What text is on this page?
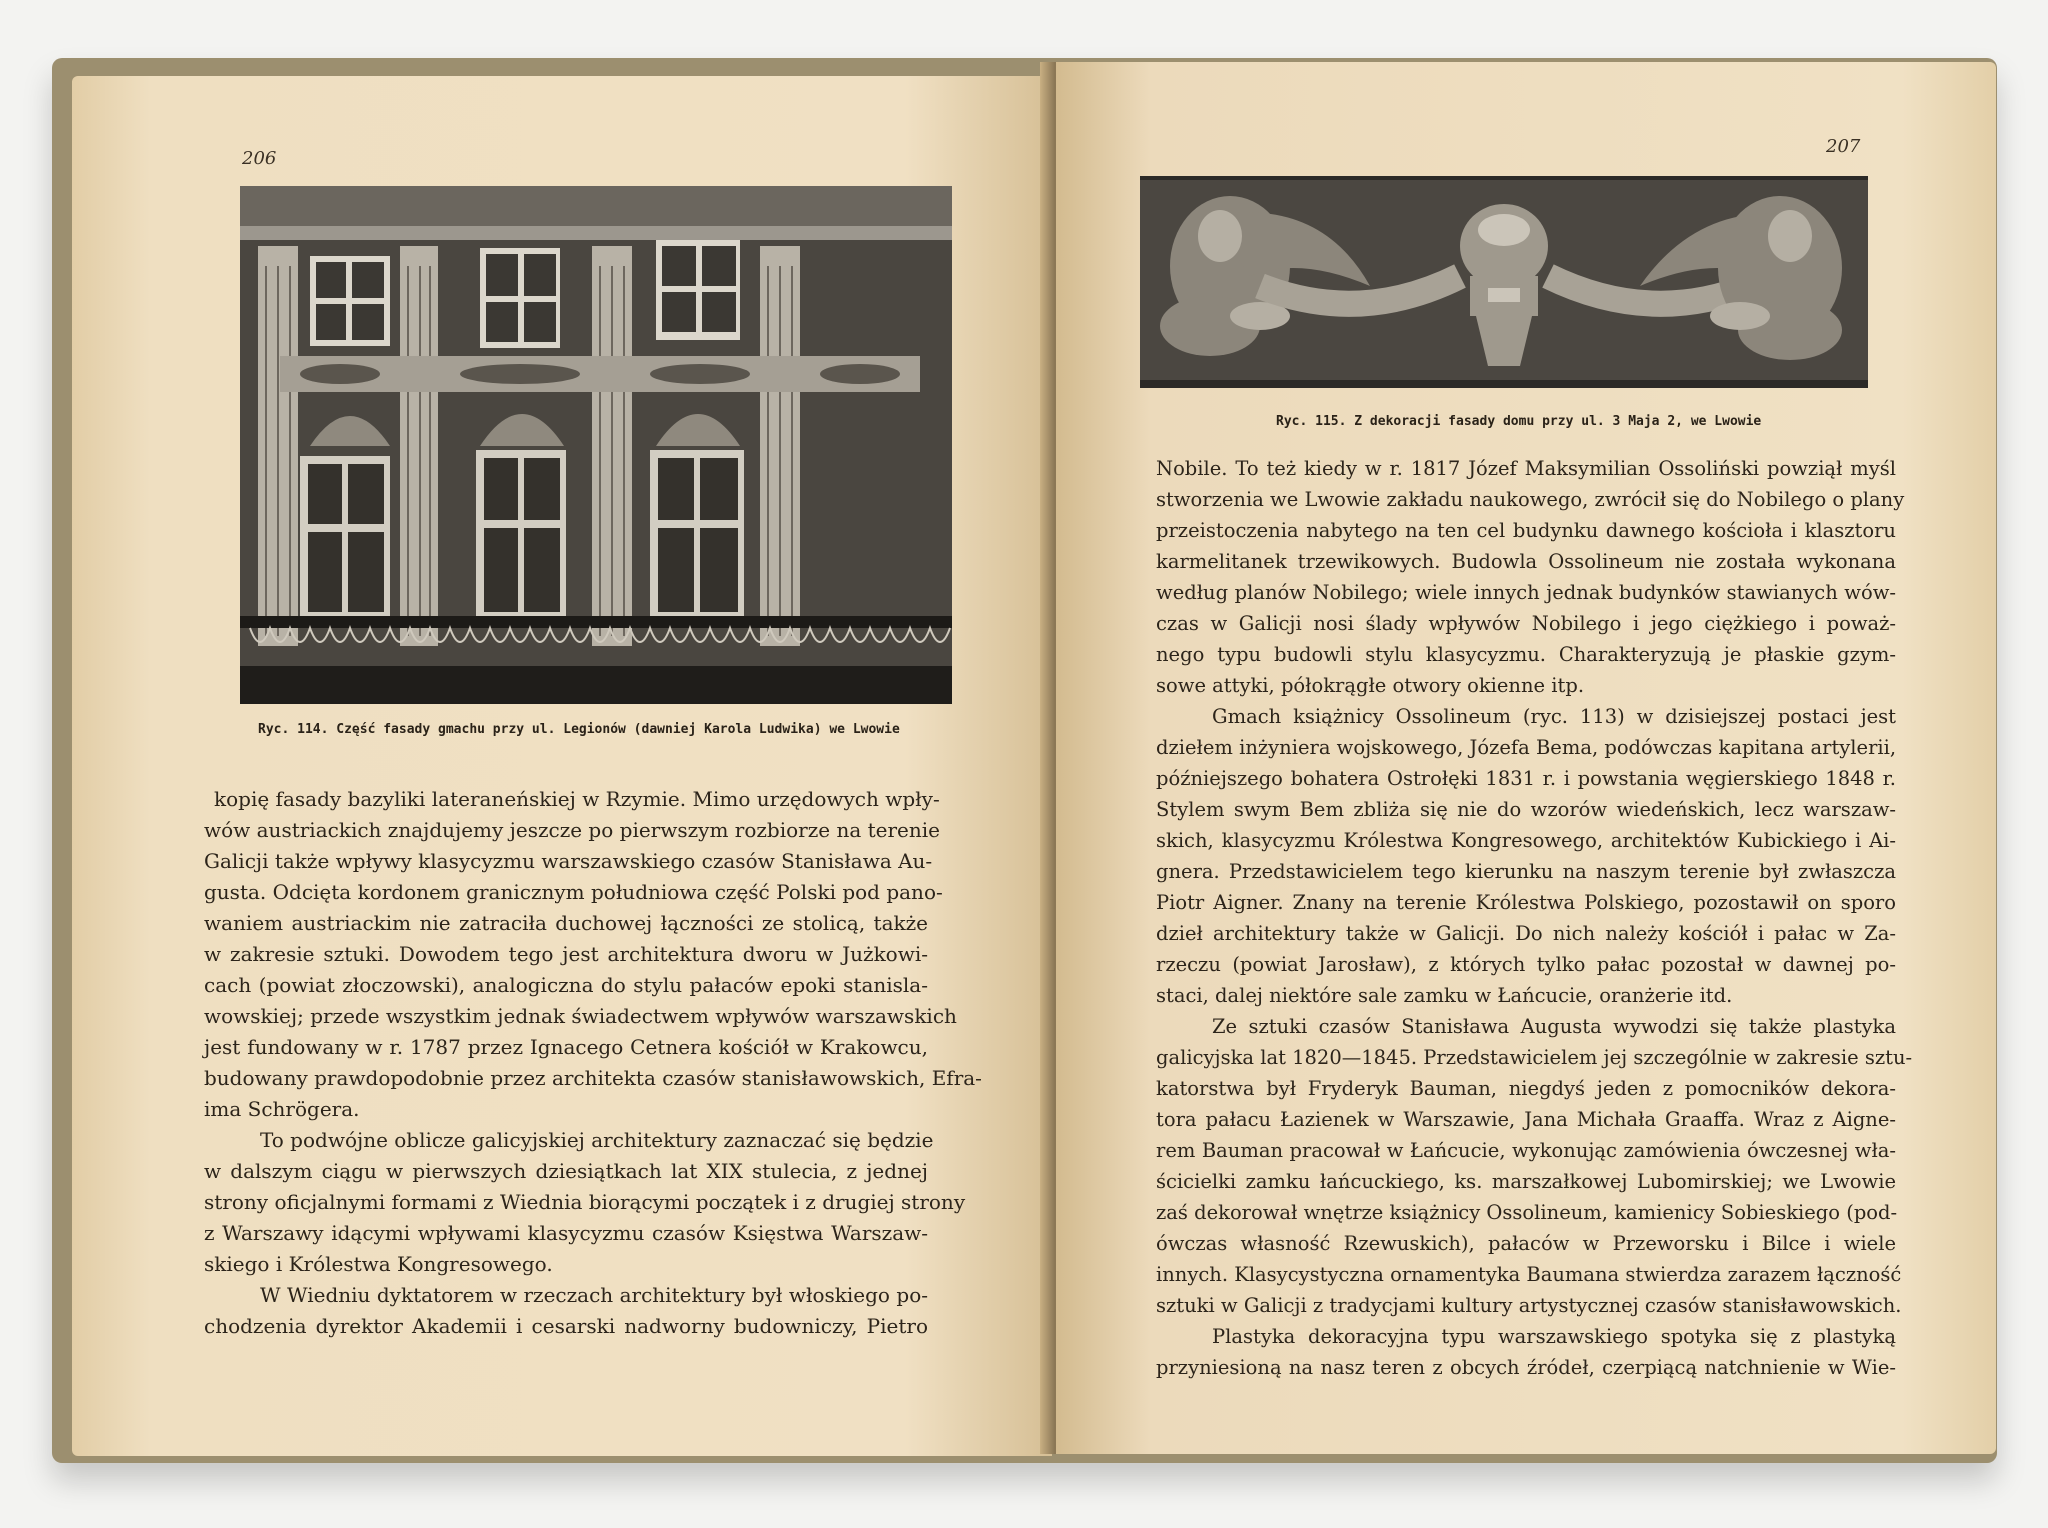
206
Ryc. 114. Część fasady gmachu przy ul. Legionów (dawniej Karola Ludwika) we Lwowie
kopię fasady bazyliki lateraneńskiej w Rzymie. Mimo urzędowych wpły-
wów austriackich znajdujemy jeszcze po pierwszym rozbiorze na terenie
Galicji także wpływy klasycyzmu warszawskiego czasów Stanisława Au-
gusta. Odcięta kordonem granicznym południowa część Polski pod pano-
waniem austriackim nie zatraciła duchowej łączności ze stolicą, także
w zakresie sztuki. Dowodem tego jest architektura dworu w Jużkowi-
cach (powiat złoczowski), analogiczna do stylu pałaców epoki stanisla-
wowskiej; przede wszystkim jednak świadectwem wpływów warszawskich
jest fundowany w r. 1787 przez Ignacego Cetnera kościół w Krakowcu,
budowany prawdopodobnie przez architekta czasów stanisławowskich, Efra-
ima Schrögera.
To podwójne oblicze galicyjskiej architektury zaznaczać się będzie
w dalszym ciągu w pierwszych dziesiątkach lat XIX stulecia, z jednej
strony oficjalnymi formami z Wiednia biorącymi początek i z drugiej strony
z Warszawy idącymi wpływami klasycyzmu czasów Księstwa Warszaw-
skiego i Królestwa Kongresowego.
W Wiedniu dyktatorem w rzeczach architektury był włoskiego po-
chodzenia dyrektor Akademii i cesarski nadworny budowniczy, Pietro
207
Ryc. 115. Z dekoracji fasady domu przy ul. 3 Maja 2, we Lwowie
Nobile. To też kiedy w r. 1817 Józef Maksymilian Ossoliński powziął myśl
stworzenia we Lwowie zakładu naukowego, zwrócił się do Nobilego o plany
przeistoczenia nabytego na ten cel budynku dawnego kościoła i klasztoru
karmelitanek trzewikowych. Budowla Ossolineum nie została wykonana
według planów Nobilego; wiele innych jednak budynków stawianych wów-
czas w Galicji nosi ślady wpływów Nobilego i jego ciężkiego i poważ-
nego typu budowli stylu klasycyzmu. Charakteryzują je płaskie gzym-
sowe attyki, półokrągłe otwory okienne itp.
Gmach książnicy Ossolineum (ryc. 113) w dzisiejszej postaci jest
dziełem inżyniera wojskowego, Józefa Bema, podówczas kapitana artylerii,
późniejszego bohatera Ostrołęki 1831 r. i powstania węgierskiego 1848 r.
Stylem swym Bem zbliża się nie do wzorów wiedeńskich, lecz warszaw-
skich, klasycyzmu Królestwa Kongresowego, architektów Kubickiego i Ai-
gnera. Przedstawicielem tego kierunku na naszym terenie był zwłaszcza
Piotr Aigner. Znany na terenie Królestwa Polskiego, pozostawił on sporo
dzieł architektury także w Galicji. Do nich należy kościół i pałac w Za-
rzeczu (powiat Jarosław), z których tylko pałac pozostał w dawnej po-
staci, dalej niektóre sale zamku w Łańcucie, oranżerie itd.
Ze sztuki czasów Stanisława Augusta wywodzi się także plastyka
galicyjska lat 1820—1845. Przedstawicielem jej szczególnie w zakresie sztu-
katorstwa był Fryderyk Bauman, niegdyś jeden z pomocników dekora-
tora pałacu Łazienek w Warszawie, Jana Michała Graaffa. Wraz z Aigne-
rem Bauman pracował w Łańcucie, wykonując zamówienia ówczesnej wła-
ścicielki zamku łańcuckiego, ks. marszałkowej Lubomirskiej; we Lwowie
zaś dekorował wnętrze książnicy Ossolineum, kamienicy Sobieskiego (pod-
ówczas własność Rzewuskich), pałaców w Przeworsku i Bilce i wiele
innych. Klasycystyczna ornamentyka Baumana stwierdza zarazem łączność
sztuki w Galicji z tradycjami kultury artystycznej czasów stanisławowskich.
Plastyka dekoracyjna typu warszawskiego spotyka się z plastyką
przyniesioną na nasz teren z obcych źródeł, czerpiącą natchnienie w Wie-
